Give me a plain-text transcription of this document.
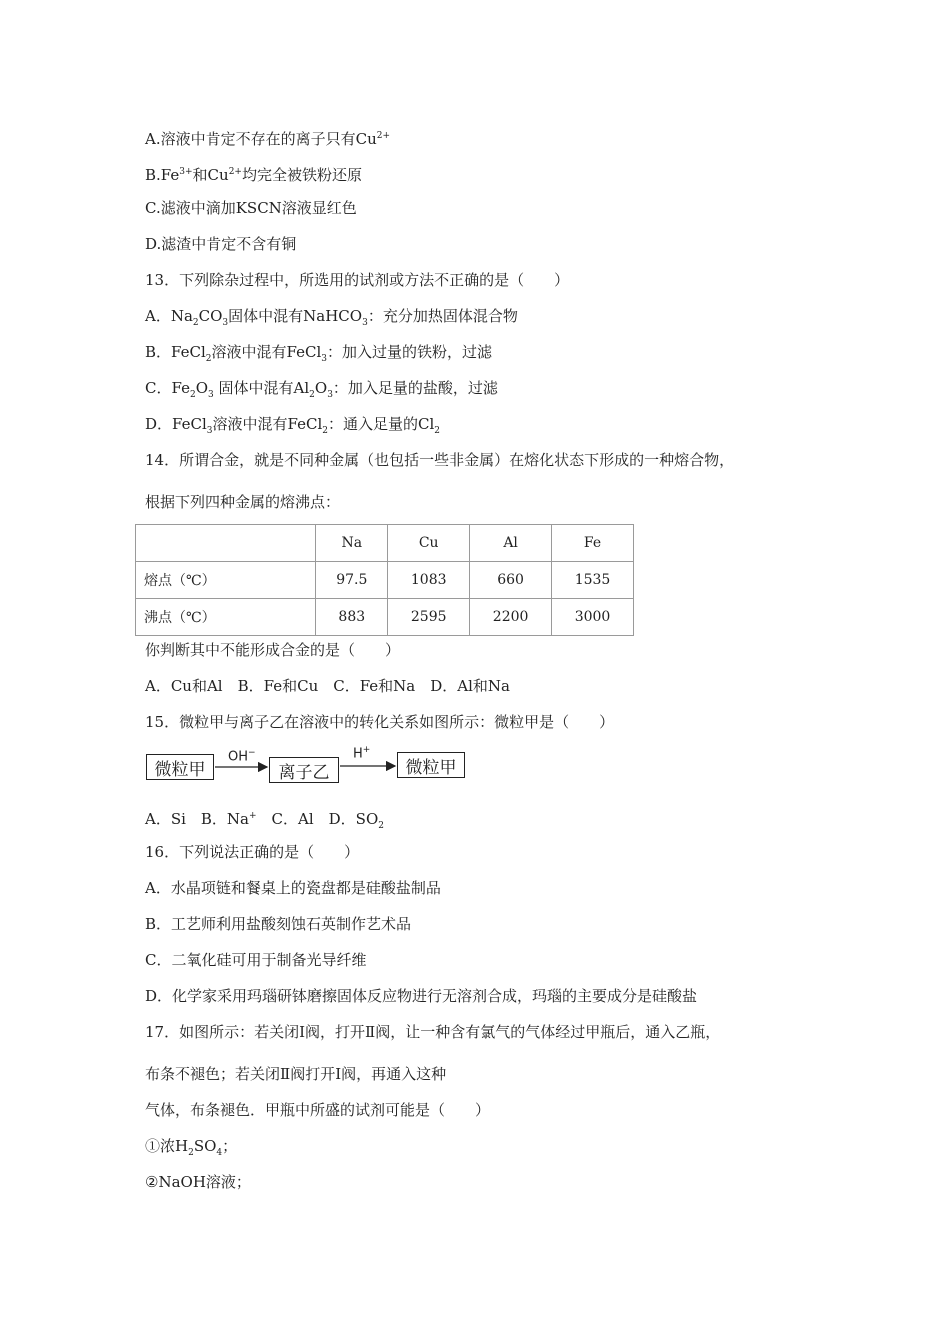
A.溶液中肯定不存在的离子只有$Cu^{2+}$
$B.Fe^{3+}$和$Cu^{2+}$均完全被铁粉还原
C.滤液中滴加KSCN溶液显红色
D.滤渣中肯定不含有铜
13．下列除杂过程中，所选用的试剂或方法不正确的是（　　）
A．$Na_2CO_3$固体中混有NaHCO$_3$：充分加热固体混合物
B．FeCl$_2$溶液中混有FeCl$_3$：加入过量的铁粉，过滤
C．$Fe_2O_3$ 固体中混有$Al_2O_3$：加入足量的盐酸，过滤
D．FeCl$_3$溶液中混有FeCl$_2$：通入足量的$Cl_2$
14．所谓合金，就是不同种金属（也包括一些非金属）在熔化状态下形成的一种熔合物，
根据下列四种金属的熔沸点：
	Na	Cu	Al	Fe
熔点（℃）	97.5	1083	660	1535
沸点（℃）	883	2595	2200	3000
你判断其中不能形成合金的是（　　）
A．Cu和Al　B．Fe和Cu　C．Fe和Na　D．Al和Na
15．微粒甲与离子乙在溶液中的转化关系如图所示：微粒甲是（　　）
微粒甲
OH−
离子乙
H+
微粒甲
A．Si　B．Na+　C．Al　D．$SO_2$
16．下列说法正确的是（　　）
A．水晶项链和餐桌上的瓷盘都是硅酸盐制品
B．工艺师利用盐酸刻蚀石英制作艺术品
C．二氧化硅可用于制备光导纤维
D．化学家采用玛瑙研钵磨擦固体反应物进行无溶剂合成，玛瑙的主要成分是硅酸盐
17．如图所示：若关闭Ⅰ阀，打开Ⅱ阀，让一种含有氯气的气体经过甲瓶后，通入乙瓶，
布条不褪色；若关闭Ⅱ阀打开Ⅰ阀，再通入这种
气体，布条褪色．甲瓶中所盛的试剂可能是（　　）
①浓$H_2SO_4$；
②NaOH溶液；
